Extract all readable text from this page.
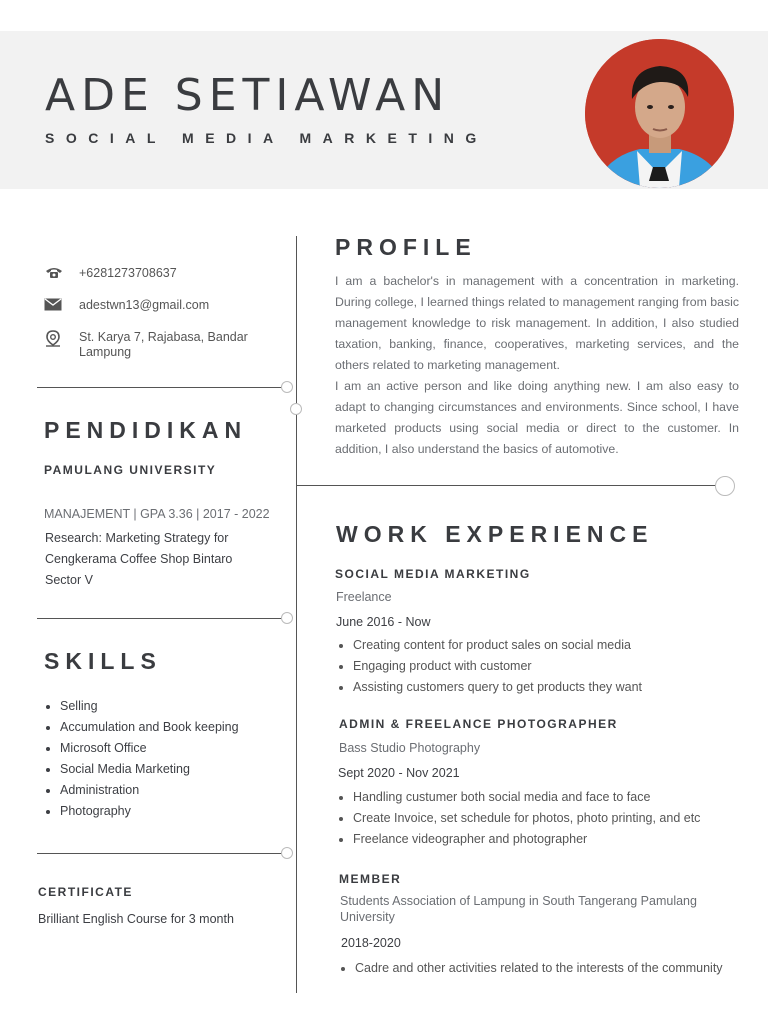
ADE SETIAWAN
SOCIAL MEDIA MARKETING
+6281273708637
adestwn13@gmail.com
St. Karya 7, Rajabasa, Bandar Lampung
PENDIDIKAN
PAMULANG UNIVERSITY
MANAJEMENT | GPA 3.36 | 2017 - 2022
Research: Marketing Strategy for Cengkerama Coffee Shop Bintaro Sector V
SKILLS
• Selling
• Accumulation and Book keeping
• Microsoft Office
• Social Media Marketing
• Administration
• Photography
CERTIFICATE
Brilliant English Course for 3 month
PROFILE
I am a bachelor's in management with a concentration in marketing. During college, I learned things related to management ranging from basic management knowledge to risk management. In addition, I also studied taxation, banking, finance, cooperatives, marketing services, and the others related to marketing management.
I am an active person and like doing anything new. I am also easy to adapt to changing circumstances and environments. Since school, I have marketed products using social media or direct to the customer. In addition, I also understand the basics of automotive.
WORK EXPERIENCE
SOCIAL MEDIA MARKETING
Freelance
June 2016 - Now
• Creating content for product sales on social media
• Engaging product with customer
• Assisting customers query to get products they want
ADMIN & FREELANCE PHOTOGRAPHER
Bass Studio Photography
Sept 2020 - Nov 2021
• Handling custumer both social media and face to face
• Create Invoice, set schedule for photos, photo printing, and etc
• Freelance videographer and photographer
MEMBER
Students Association of Lampung in South Tangerang Pamulang University
2018-2020
• Cadre and other activities related to the interests of the community
